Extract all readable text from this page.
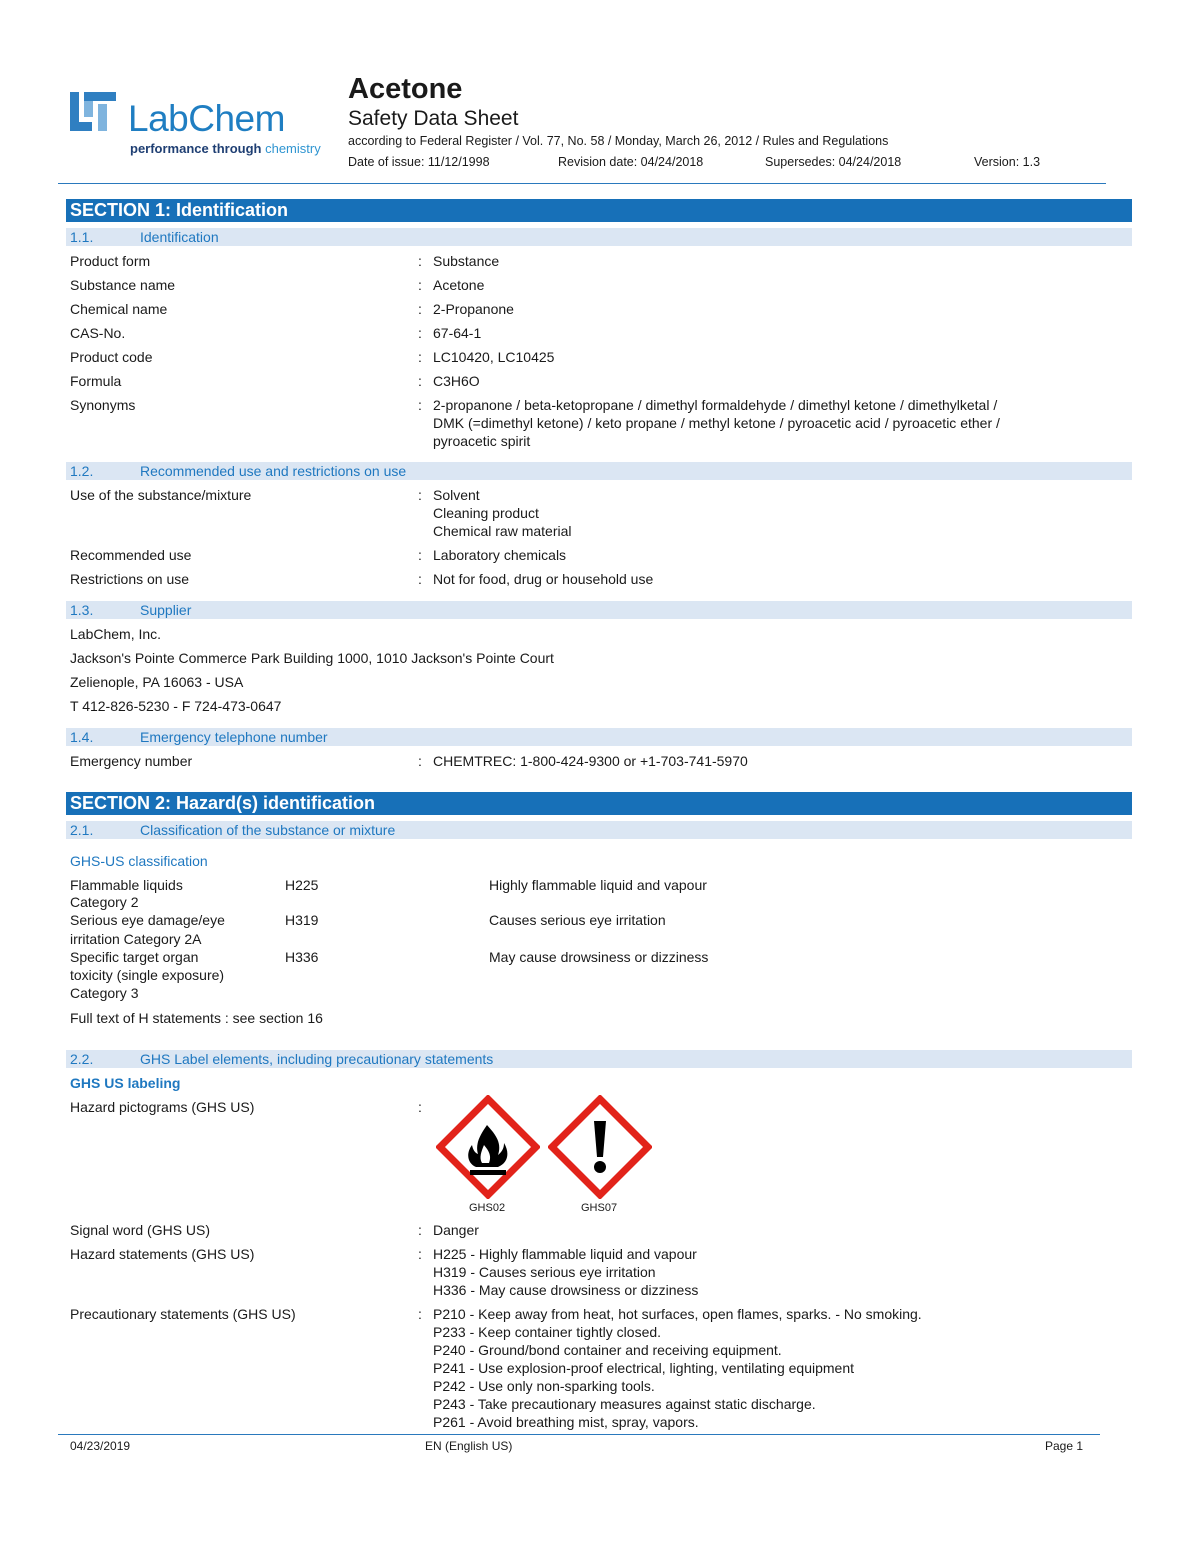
LabChem
performance through chemistry
Acetone
Safety Data Sheet
according to Federal Register / Vol. 77, No. 58 / Monday, March 26, 2012 / Rules and Regulations
Date of issue: 11/12/1998	Revision date: 04/24/2018	Supersedes: 04/24/2018	Version: 1.3
SECTION 1: Identification
1.1.	Identification
Product form	: Substance
Substance name	: Acetone
Chemical name	: 2-Propanone
CAS-No.	: 67-64-1
Product code	: LC10420, LC10425
Formula	: C3H6O
Synonyms	: 2-propanone / beta-ketopropane / dimethyl formaldehyde / dimethyl ketone / dimethylketal /
DMK (=dimethyl ketone) / keto propane / methyl ketone / pyroacetic acid / pyroacetic ether /
pyroacetic spirit
1.2.	Recommended use and restrictions on use
Use of the substance/mixture	: Solvent
Cleaning product
Chemical raw material
Recommended use	: Laboratory chemicals
Restrictions on use	: Not for food, drug or household use
1.3.	Supplier
LabChem, Inc.
Jackson's Pointe Commerce Park Building 1000, 1010 Jackson's Pointe Court
Zelienople, PA 16063 - USA
T 412-826-5230 - F 724-473-0647
1.4.	Emergency telephone number
Emergency number	: CHEMTREC: 1-800-424-9300 or +1-703-741-5970
SECTION 2: Hazard(s) identification
2.1.	Classification of the substance or mixture
GHS-US classification
Flammable liquids
Category 2
H225	Highly flammable liquid and vapour
Serious eye damage/eye
irritation Category 2A
H319	Causes serious eye irritation
Specific target organ
toxicity (single exposure)
Category 3
H336	May cause drowsiness or dizziness
Full text of H statements : see section 16
2.2.	GHS Label elements, including precautionary statements
GHS US labeling
Hazard pictograms (GHS US)	:
GHS02	GHS07
Signal word (GHS US)	: Danger
Hazard statements (GHS US)	: H225 - Highly flammable liquid and vapour
H319 - Causes serious eye irritation
H336 - May cause drowsiness or dizziness
Precautionary statements (GHS US)	: P210 - Keep away from heat, hot surfaces, open flames, sparks. - No smoking.
P233 - Keep container tightly closed.
P240 - Ground/bond container and receiving equipment.
P241 - Use explosion-proof electrical, lighting, ventilating equipment
P242 - Use only non-sparking tools.
P243 - Take precautionary measures against static discharge.
P261 - Avoid breathing mist, spray, vapors.
04/23/2019	EN (English US)	Page 1
